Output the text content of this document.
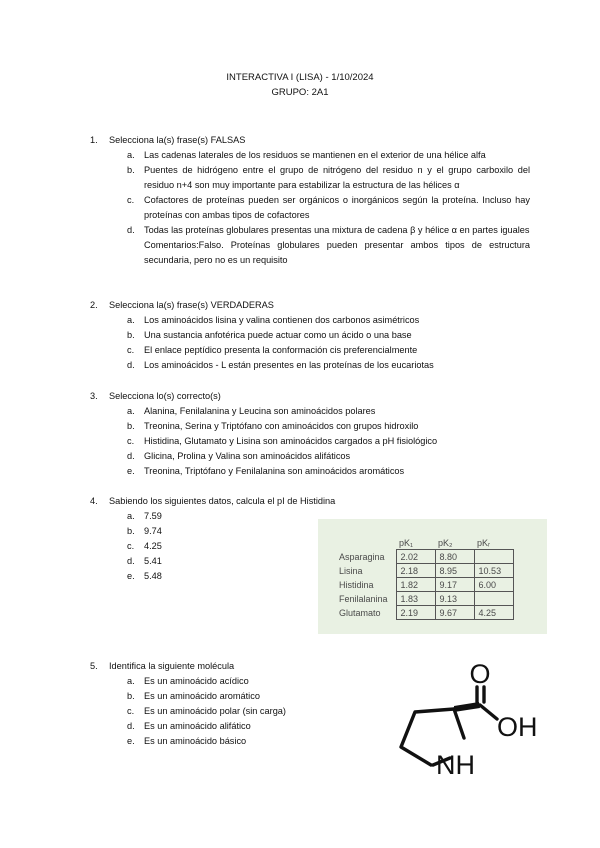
INTERACTIVA I (LISA) - 1/10/2024
GRUPO: 2A1
1.	Selecciona la(s) frase(s) FALSAS
a.	Las cadenas laterales de los residuos se mantienen en el exterior de una hélice alfa
b.	Puentes de hidrógeno entre el grupo de nitrógeno del residuo n y el grupo carboxilo del residuo n+4 son muy importante para estabilizar la estructura de las hélices α
c.	Cofactores de proteínas pueden ser orgánicos o inorgánicos según la proteína. Incluso hay proteínas con ambas tipos de cofactores
d.	Todas las proteínas globulares presentas una mixtura de cadena β y hélice α en partes iguales
Comentarios:Falso. Proteínas globulares pueden presentar ambos tipos de estructura secundaria, pero no es un requisito
2.	Selecciona la(s) frase(s) VERDADERAS
a.	Los aminoácidos lisina y valina contienen dos carbonos asimétricos
b.	Una sustancia anfotérica puede actuar como un ácido o una base
c.	El enlace peptídico presenta la conformación cis preferencialmente
d.	Los aminoácidos - L están presentes en las proteínas de los eucariotas
3.	Selecciona lo(s) correcto(s)
a.	Alanina, Fenilalanina y Leucina son aminoácidos polares
b.	Treonina, Serina y Triptófano con aminoácidos con grupos hidroxilo
c.	Histidina, Glutamato y Lisina son aminoácidos cargados a pH fisiológico
d.	Glicina, Prolina y Valina son aminoácidos alifáticos
e.	Treonina, Triptófano y Fenilalanina son aminoácidos aromáticos
4.	Sabiendo los siguientes datos, calcula el pI de Histidina
a.	7.59
b.	9.74
c.	4.25
d.	5.41
e.	5.48
	pK₁	pK₂	pKᵣ
Asparagina	2.02	8.80	
Lisina	2.18	8.95	10.53
Histidina	1.82	9.17	6.00
Fenilalanina	1.83	9.13	
Glutamato	2.19	9.67	4.25
5.	Identifica la siguiente molécula
a.	Es un aminoácido acídico
b.	Es un aminoácido aromático
c.	Es un aminoácido polar (sin carga)
d.	Es un aminoácido alifático
e.	Es un aminoácido básico
O
OH
NH
